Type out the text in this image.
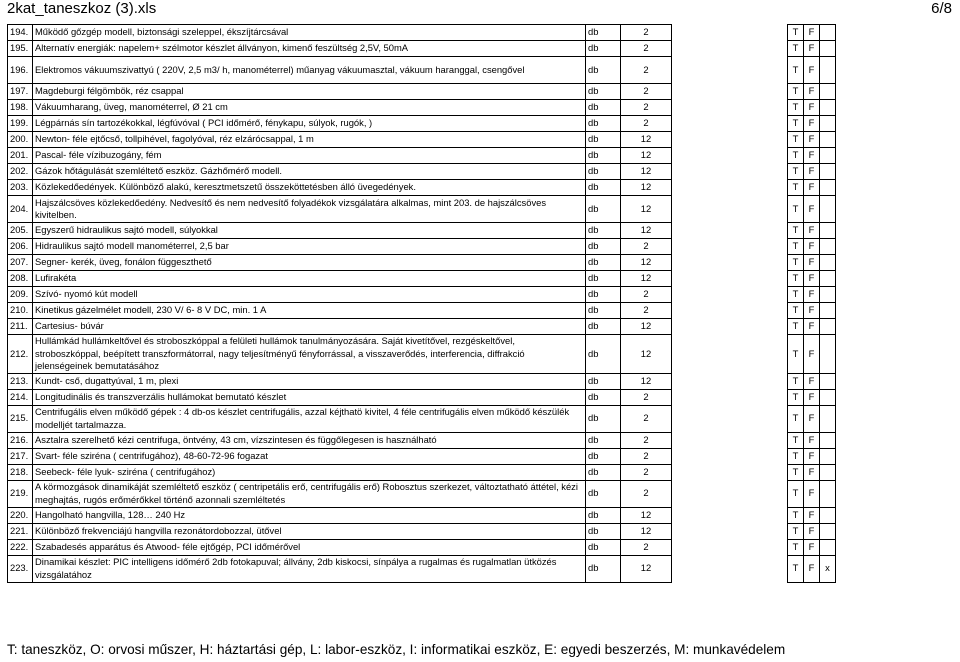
2kat_taneszkoz (3).xls	6/8
194.	Működő gőzgép modell, biztonsági szeleppel, ékszíjtárcsával	db	2		T	F		
195.	Alternatív energiák: napelem+ szélmotor készlet állványon, kimenő feszültség 2,5V, 50mA	db	2		T	F		
196.	Elektromos vákuumszivattyú ( 220V, 2,5 m3/ h, manométerrel) műanyag vákuumasztal, vákuum haranggal, csengővel	db	2		T	F		
197.	Magdeburgi félgömbök, réz csappal	db	2		T	F		
198.	Vákuumharang, üveg, manométerrel, Ø 21 cm	db	2		T	F		
199.	Légpárnás sín tartozékokkal, légfúvóval ( PCI időmérő, fénykapu, súlyok, rugók, )	db	2		T	F		
200.	Newton- féle ejtőcső, tollpihével, fagolyóval, réz elzárócsappal, 1 m	db	12		T	F		
201.	Pascal- féle vízibuzogány, fém	db	12		T	F		
202.	Gázok hőtágulását szemléltető eszköz. Gázhőmérő modell.	db	12		T	F		
203.	Közlekedőedények. Különböző alakú, keresztmetszetű összeköttetésben álló üvegedények.	db	12		T	F		
204.	Hajszálcsöves közlekedőedény. Nedvesítő és nem nedvesítő folyadékok vizsgálatára alkalmas, mint 203. de hajszálcsöves kivitelben.	db	12		T	F		
205.	Egyszerű hidraulikus sajtó modell, súlyokkal	db	12		T	F		
206.	Hidraulikus sajtó modell manométerrel, 2,5 bar	db	2		T	F		
207.	Segner- kerék, üveg, fonálon függeszthető	db	12		T	F		
208.	Lufirakéta	db	12		T	F		
209.	Szívó- nyomó kút modell	db	2		T	F		
210.	Kinetikus gázelmélet modell, 230 V/ 6- 8 V DC, min. 1 A	db	2		T	F		
211.	Cartesius- búvár	db	12		T	F		
212.	Hullámkád hullámkeltővel és stroboszkóppal a felületi hullámok tanulmányozására. Saját kivetítővel, rezgéskeltővel, stroboszkóppal, beépített transzformátorral, nagy teljesítményű fényforrással, a visszaverődés, interferencia, diffrakció jelenségeinek bemutatásához	db	12		T	F		
213.	Kundt- cső, dugattyúval, 1 m, plexi	db	12		T	F		
214.	Longitudinális és transzverzális hullámokat bemutató készlet	db	2		T	F		
215.	Centrifugális elven működő gépek : 4 db-os készlet centrifugális, azzal kéjthatö kivitel, 4 féle centrifugális elven működő készülék modelljét tartalmazza.	db	2		T	F		
216.	Asztalra szerelhető kézi centrifuga, öntvény, 43 cm, vízszintesen és függőlegesen is használható	db	2		T	F		
217.	Svart- féle sziréna ( centrifugához), 48-60-72-96 fogazat	db	2		T	F		
218.	Seebeck- féle lyuk- sziréna ( centrifugához)	db	2		T	F		
219.	A körmozgások dinamikáját szemléltető eszköz ( centripetális erő, centrifugális erő) Robosztus szerkezet, változtatható áttétel, kézi meghajtás, rugós erőmérőkkel történő azonnali szemléltetés	db	2		T	F		
220.	Hangolható hangvilla, 128… 240 Hz	db	12		T	F		
221.	Különböző frekvenciájú hangvilla rezonátordobozzal, ütővel	db	12		T	F		
222.	Szabadesés apparátus és Atwood- féle ejtőgép, PCI időmérővel	db	2		T	F		
223.	Dinamikai készlet: PIC intelligens időmérő 2db fotokapuval; állvány, 2db kiskocsi, sínpálya a rugalmas és rugalmatlan ütközés vizsgálatához	db	12		T	F	x	
T: taneszköz, O: orvosi műszer, H: háztartási gép, L: labor-eszköz, I: informatikai eszköz, E: egyedi beszerzés, M: munkavédelem
